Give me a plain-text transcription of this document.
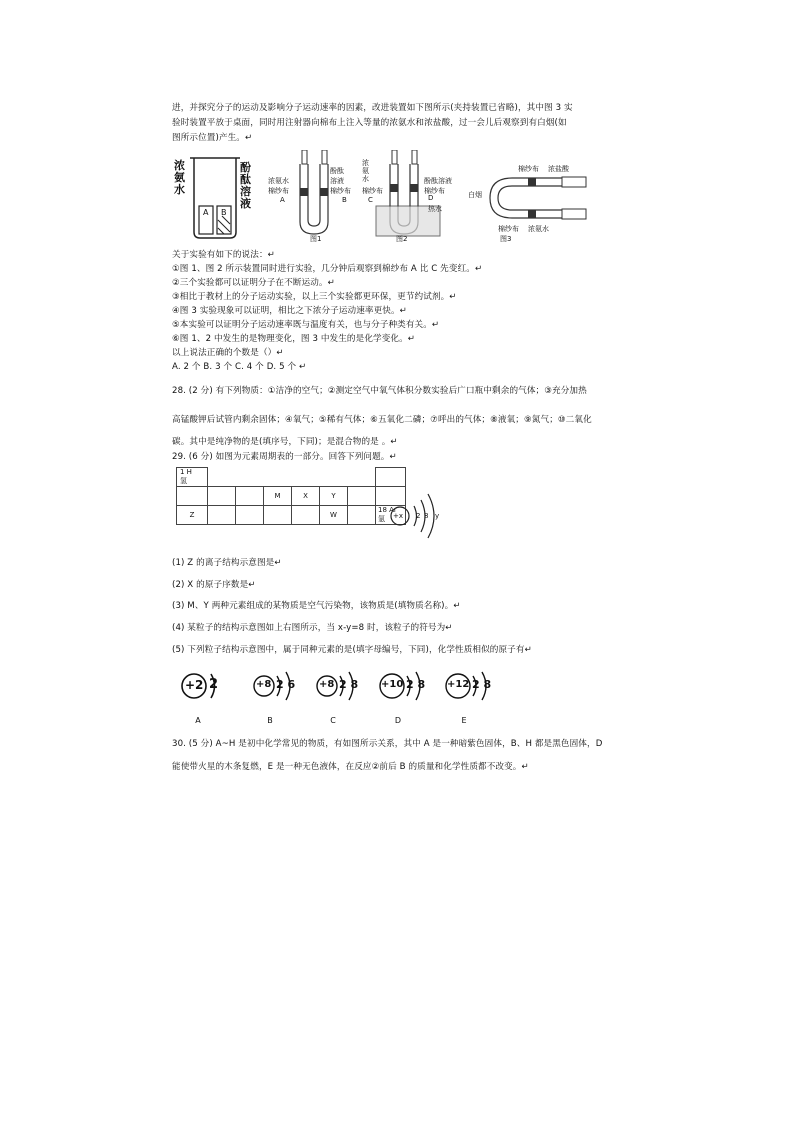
进，并探究分子的运动及影响分子运动速率的因素，改进装置如下图所示(夹持装置已省略)，其中图 3 实
验时装置平放于桌面，同时用注射器向棉布上注入等量的浓氨水和浓盐酸，过一会儿后观察到有白烟(如
图所示位置)产生。↵
浓氨水
酚酞溶液
A B
浓氨水
棉纱布
A
酚酞
溶液
棉纱布
B
图1
浓
氨
水
棉纱布
C
酚酞溶液
棉纱布
D
热水
图2
棉纱布 浓盐酸
白烟
棉纱布 浓氨水
图3
关于实验有如下的说法：↵
①图 1、图 2 所示装置同时进行实验，几分钟后观察到棉纱布 A 比 C 先变红。↵
②三个实验都可以证明分子在不断运动。↵
③相比于教材上的分子运动实验，以上三个实验都更环保，更节约试剂。↵
④图 3 实验现象可以证明，相比之下浓分子运动速率更快。↵
⑤本实验可以证明分子运动速率既与温度有关，也与分子种类有关。↵
⑥图 1、2 中发生的是物理变化，图 3 中发生的是化学变化。↵
以上说法正确的个数是（）↵
A. 2 个 B. 3 个 C. 4 个 D. 5 个 ↵
28. (2 分) 有下列物质：①洁净的空气；②测定空气中氧气体积分数实验后广口瓶中剩余的气体；③充分加热
高锰酸钾后试管内剩余固体；④氧气；⑤稀有气体；⑥五氧化二磷；⑦呼出的气体；⑧液氧；⑨氮气；⑩二氧化
碳。其中是纯净物的是(填序号，下同)；是混合物的是 。↵
29. (6 分) 如图为元素周期表的一部分。回答下列问题。↵
1 H
氢							
			M	X	Y		
Z					W		18 Ar
氩 +x 2 8 y
(1) Z 的离子结构示意图是↵
(2) X 的原子序数是↵
(3) M、Y 两种元素组成的某物质是空气污染物，该物质是(填物质名称)。↵
(4) 某粒子的结构示意图如上右图所示，当 x-y=8 时，该粒子的符号为↵
(5) 下列粒子结构示意图中，属于同种元素的是(填字母编号，下同)，化学性质相似的原子有↵
+2 2
A
+8 2 6
B
+8 2 8
C
+10 2 8
D
+12 2 8
E
30. (5 分) A~H 是初中化学常见的物质，有如图所示关系，其中 A 是一种暗紫色固体，B、H 都是黑色固体，D
能使带火星的木条复燃，E 是一种无色液体，在反应②前后 B 的质量和化学性质都不改变。↵
